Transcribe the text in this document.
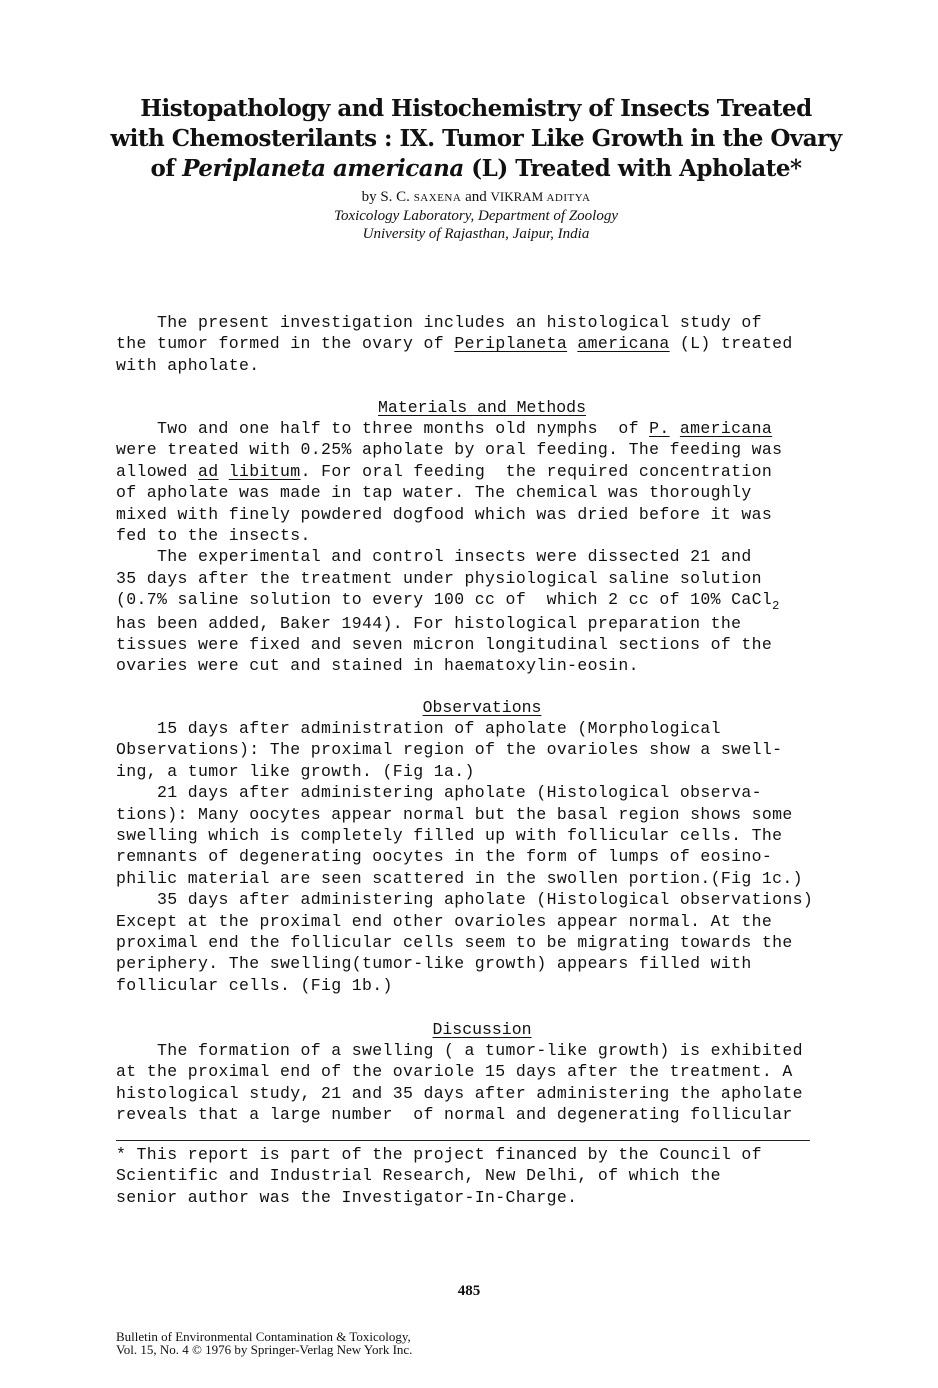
Histopathology and Histochemistry of Insects Treated
with Chemosterilants : IX. Tumor Like Growth in the Ovary
of Periplaneta americana (L) Treated with Apholate*
by S. C. SAXENA and VIKRAM ADITYA
Toxicology Laboratory, Department of Zoology
University of Rajasthan, Jaipur, India
The present investigation includes an histological study of
the tumor formed in the ovary of Periplaneta americana (L) treated
with apholate.
Materials and Methods
Two and one half to three months old nymphs  of P. americana
were treated with 0.25% apholate by oral feeding. The feeding was
allowed ad libitum. For oral feeding  the required concentration
of apholate was made in tap water. The chemical was thoroughly
mixed with finely powdered dogfood which was dried before it was
fed to the insects.
The experimental and control insects were dissected 21 and
35 days after the treatment under physiological saline solution
(0.7% saline solution to every 100 cc of  which 2 cc of 10% CaCl$_2$
has been added, Baker 1944). For histological preparation the
tissues were fixed and seven micron longitudinal sections of the
ovaries were cut and stained in haematoxylin-eosin.
Observations
15 days after administration of apholate (Morphological
Observations): The proximal region of the ovarioles show a swell-
ing, a tumor like growth. (Fig 1a.)
21 days after administering apholate (Histological observa-
tions): Many oocytes appear normal but the basal region shows some
swelling which is completely filled up with follicular cells. The
remnants of degenerating oocytes in the form of lumps of eosino-
philic material are seen scattered in the swollen portion.(Fig 1c.)
35 days after administering apholate (Histological observations)
Except at the proximal end other ovarioles appear normal. At the
proximal end the follicular cells seem to be migrating towards the
periphery. The swelling(tumor-like growth) appears filled with
follicular cells. (Fig 1b.)
Discussion
The formation of a swelling ( a tumor-like growth) is exhibited
at the proximal end of the ovariole 15 days after the treatment. A
histological study, 21 and 35 days after administering the apholate
reveals that a large number  of normal and degenerating follicular
* This report is part of the project financed by the Council of
Scientific and Industrial Research, New Delhi, of which the
senior author was the Investigator-In-Charge.
485
Bulletin of Environmental Contamination & Toxicology,
Vol. 15, No. 4 © 1976 by Springer-Verlag New York Inc.
